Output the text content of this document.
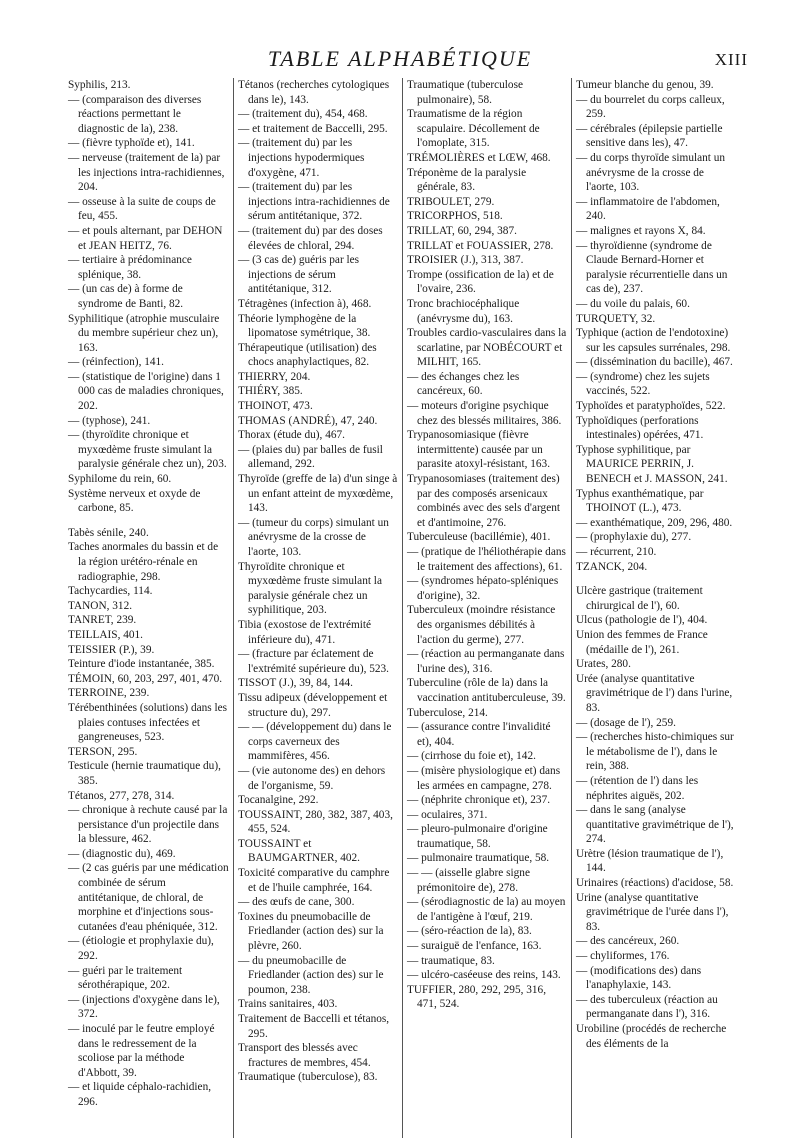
TABLE ALPHABÉTIQUE	XIII
Syphilis, 213.
— (comparaison des diverses réactions permettant le diagnostic de la), 238.
— (fièvre typhoïde et), 141.
— nerveuse (traitement de la) par les injections intra-rachidiennes, 204.
— osseuse à la suite de coups de feu, 455.
— et pouls alternant, par DEHON et JEAN HEITZ, 76.
— tertiaire à prédominance splénique, 38.
— (un cas de) à forme de syndrome de Banti, 82.
Syphilitique (atrophie musculaire du membre supérieur chez un), 163.
— (réinfection), 141.
— (statistique de l'origine) dans 1 000 cas de maladies chroniques, 202.
— (typhose), 241.
— (thyroïdite chronique et myxœdème fruste simulant la paralysie générale chez un), 203.
Syphilome du rein, 60.
Système nerveux et oxyde de carbone, 85.
Tabès sénile, 240.
Taches anormales du bassin et de la région urétéro-rénale en radiographie, 298.
Tachycardies, 114.
TANON, 312.
TANRET, 239.
TEILLAIS, 401.
TEISSIER (P.), 39.
Teinture d'iode instantanée, 385.
TÉMOIN, 60, 203, 297, 401, 470.
TERROINE, 239.
Térébenthinées (solutions) dans les plaies contuses infectées et gangreneuses, 523.
TERSON, 295.
Testicule (hernie traumatique du), 385.
Tétanos, 277, 278, 314.
— chronique à rechute causé par la persistance d'un projectile dans la blessure, 462.
— (diagnostic du), 469.
— (2 cas guéris par une médication combinée de sérum antitétanique, de chloral, de morphine et d'injections sous-cutanées d'eau phéniquée, 312.
— (étiologie et prophylaxie du), 292.
— guéri par le traitement sérothérapique, 202.
— (injections d'oxygène dans le), 372.
— inoculé par le feutre employé dans le redressement de la scoliose par la méthode d'Abbott, 39.
— et liquide céphalo-rachidien, 296.
Tétanos (recherches cytologiques dans le), 143.
— (traitement du), 454, 468.
— et traitement de Baccelli, 295.
— (traitement du) par les injections hypodermiques d'oxygène, 471.
— (traitement du) par les injections intra-rachidiennes de sérum antitétanique, 372.
— (traitement du) par des doses élevées de chloral, 294.
— (3 cas de) guéris par les injections de sérum antitétanique, 312.
Tétragènes (infection à), 468.
Théorie lymphogène de la lipomatose symétrique, 38.
Thérapeutique (utilisation) des chocs anaphylactiques, 82.
THIERRY, 204.
THIÉRY, 385.
THOINOT, 473.
THOMAS (ANDRÉ), 47, 240.
Thorax (étude du), 467.
— (plaies du) par balles de fusil allemand, 292.
Thyroïde (greffe de la) d'un singe à un enfant atteint de myxœdème, 143.
— (tumeur du corps) simulant un anévrysme de la crosse de l'aorte, 103.
Thyroïdite chronique et myxœdème fruste simulant la paralysie générale chez un syphilitique, 203.
Tibia (exostose de l'extrémité inférieure du), 471.
— (fracture par éclatement de l'extrémité supérieure du), 523.
TISSOT (J.), 39, 84, 144.
Tissu adipeux (développement et structure du), 297.
— — (développement du) dans le corps caverneux des mammifères, 456.
— (vie autonome des) en dehors de l'organisme, 59.
Tocanalgine, 292.
TOUSSAINT, 280, 382, 387, 403, 455, 524.
TOUSSAINT et BAUMGARTNER, 402.
Toxicité comparative du camphre et de l'huile camphrée, 164.
— des œufs de cane, 300.
Toxines du pneumobacille de Friedlander (action des) sur la plèvre, 260.
— du pneumobacille de Friedlander (action des) sur le poumon, 238.
Trains sanitaires, 403.
Traitement de Baccelli et tétanos, 295.
Transport des blessés avec fractures de membres, 454.
Traumatique (tuberculose), 83.
Traumatique (tuberculose pulmonaire), 58.
Traumatisme de la région scapulaire. Décollement de l'omoplate, 315.
TRÉMOLIÈRES et LŒW, 468.
Tréponème de la paralysie générale, 83.
TRIBOULET, 279.
TRICORPHOS, 518.
TRILLAT, 60, 294, 387.
TRILLAT et FOUASSIER, 278.
TROISIER (J.), 313, 387.
Trompe (ossification de la) et de l'ovaire, 236.
Tronc brachiocéphalique (anévrysme du), 163.
Troubles cardio-vasculaires dans la scarlatine, par NOBÉCOURT et MILHIT, 165.
— des échanges chez les cancéreux, 60.
— moteurs d'origine psychique chez des blessés militaires, 386.
Trypanosomiasique (fièvre intermittente) causée par un parasite atoxyl-résistant, 163.
Trypanosomiases (traitement des) par des composés arsenicaux combinés avec des sels d'argent et d'antimoine, 276.
Tuberculeuse (bacillémie), 401.
— (pratique de l'héliothérapie dans le traitement des affections), 61.
— (syndromes hépato-spléniques d'origine), 32.
Tuberculeux (moindre résistance des organismes débilités à l'action du germe), 277.
— (réaction au permanganate dans l'urine des), 316.
Tuberculine (rôle de la) dans la vaccination antituberculeuse, 39.
Tuberculose, 214.
— (assurance contre l'invalidité et), 404.
— (cirrhose du foie et), 142.
— (misère physiologique et) dans les armées en campagne, 278.
— (néphrite chronique et), 237.
— oculaires, 371.
— pleuro-pulmonaire d'origine traumatique, 58.
— pulmonaire traumatique, 58.
— — (aisselle glabre signe prémonitoire de), 278.
— (sérodiagnostic de la) au moyen de l'antigène à l'œuf, 219.
— (séro-réaction de la), 83.
— suraiguë de l'enfance, 163.
— traumatique, 83.
— ulcéro-caséeuse des reins, 143.
TUFFIER, 280, 292, 295, 316, 471, 524.
Tumeur blanche du genou, 39.
— du bourrelet du corps calleux, 259.
— cérébrales (épilepsie partielle sensitive dans les), 47.
— du corps thyroïde simulant un anévrysme de la crosse de l'aorte, 103.
— inflammatoire de l'abdomen, 240.
— malignes et rayons X, 84.
— thyroïdienne (syndrome de Claude Bernard-Horner et paralysie récurrentielle dans un cas de), 237.
— du voile du palais, 60.
TURQUETY, 32.
Typhique (action de l'endotoxine) sur les capsules surrénales, 298.
— (dissémination du bacille), 467.
— (syndrome) chez les sujets vaccinés, 522.
Typhoïdes et paratyphoïdes, 522.
Typhoïdiques (perforations intestinales) opérées, 471.
Typhose syphilitique, par MAURICE PERRIN, J. BENECH et J. MASSON, 241.
Typhus exanthématique, par THOINOT (L.), 473.
— exanthématique, 209, 296, 480.
— (prophylaxie du), 277.
— récurrent, 210.
TZANCK, 204.
Ulcère gastrique (traitement chirurgical de l'), 60.
Ulcus (pathologie de l'), 404.
Union des femmes de France (médaille de l'), 261.
Urates, 280.
Urée (analyse quantitative gravimétrique de l') dans l'urine, 83.
— (dosage de l'), 259.
— (recherches histo-chimiques sur le métabolisme de l'), dans le rein, 388.
— (rétention de l') dans les néphrites aiguës, 202.
— dans le sang (analyse quantitative gravimétrique de l'), 274.
Urètre (lésion traumatique de l'), 144.
Urinaires (réactions) d'acidose, 58.
Urine (analyse quantitative gravimétrique de l'urée dans l'), 83.
— des cancéreux, 260.
— chyliformes, 176.
— (modifications des) dans l'anaphylaxie, 143.
— des tuberculeux (réaction au permanganate dans l'), 316.
Urobiline (procédés de recherche des éléments de la
